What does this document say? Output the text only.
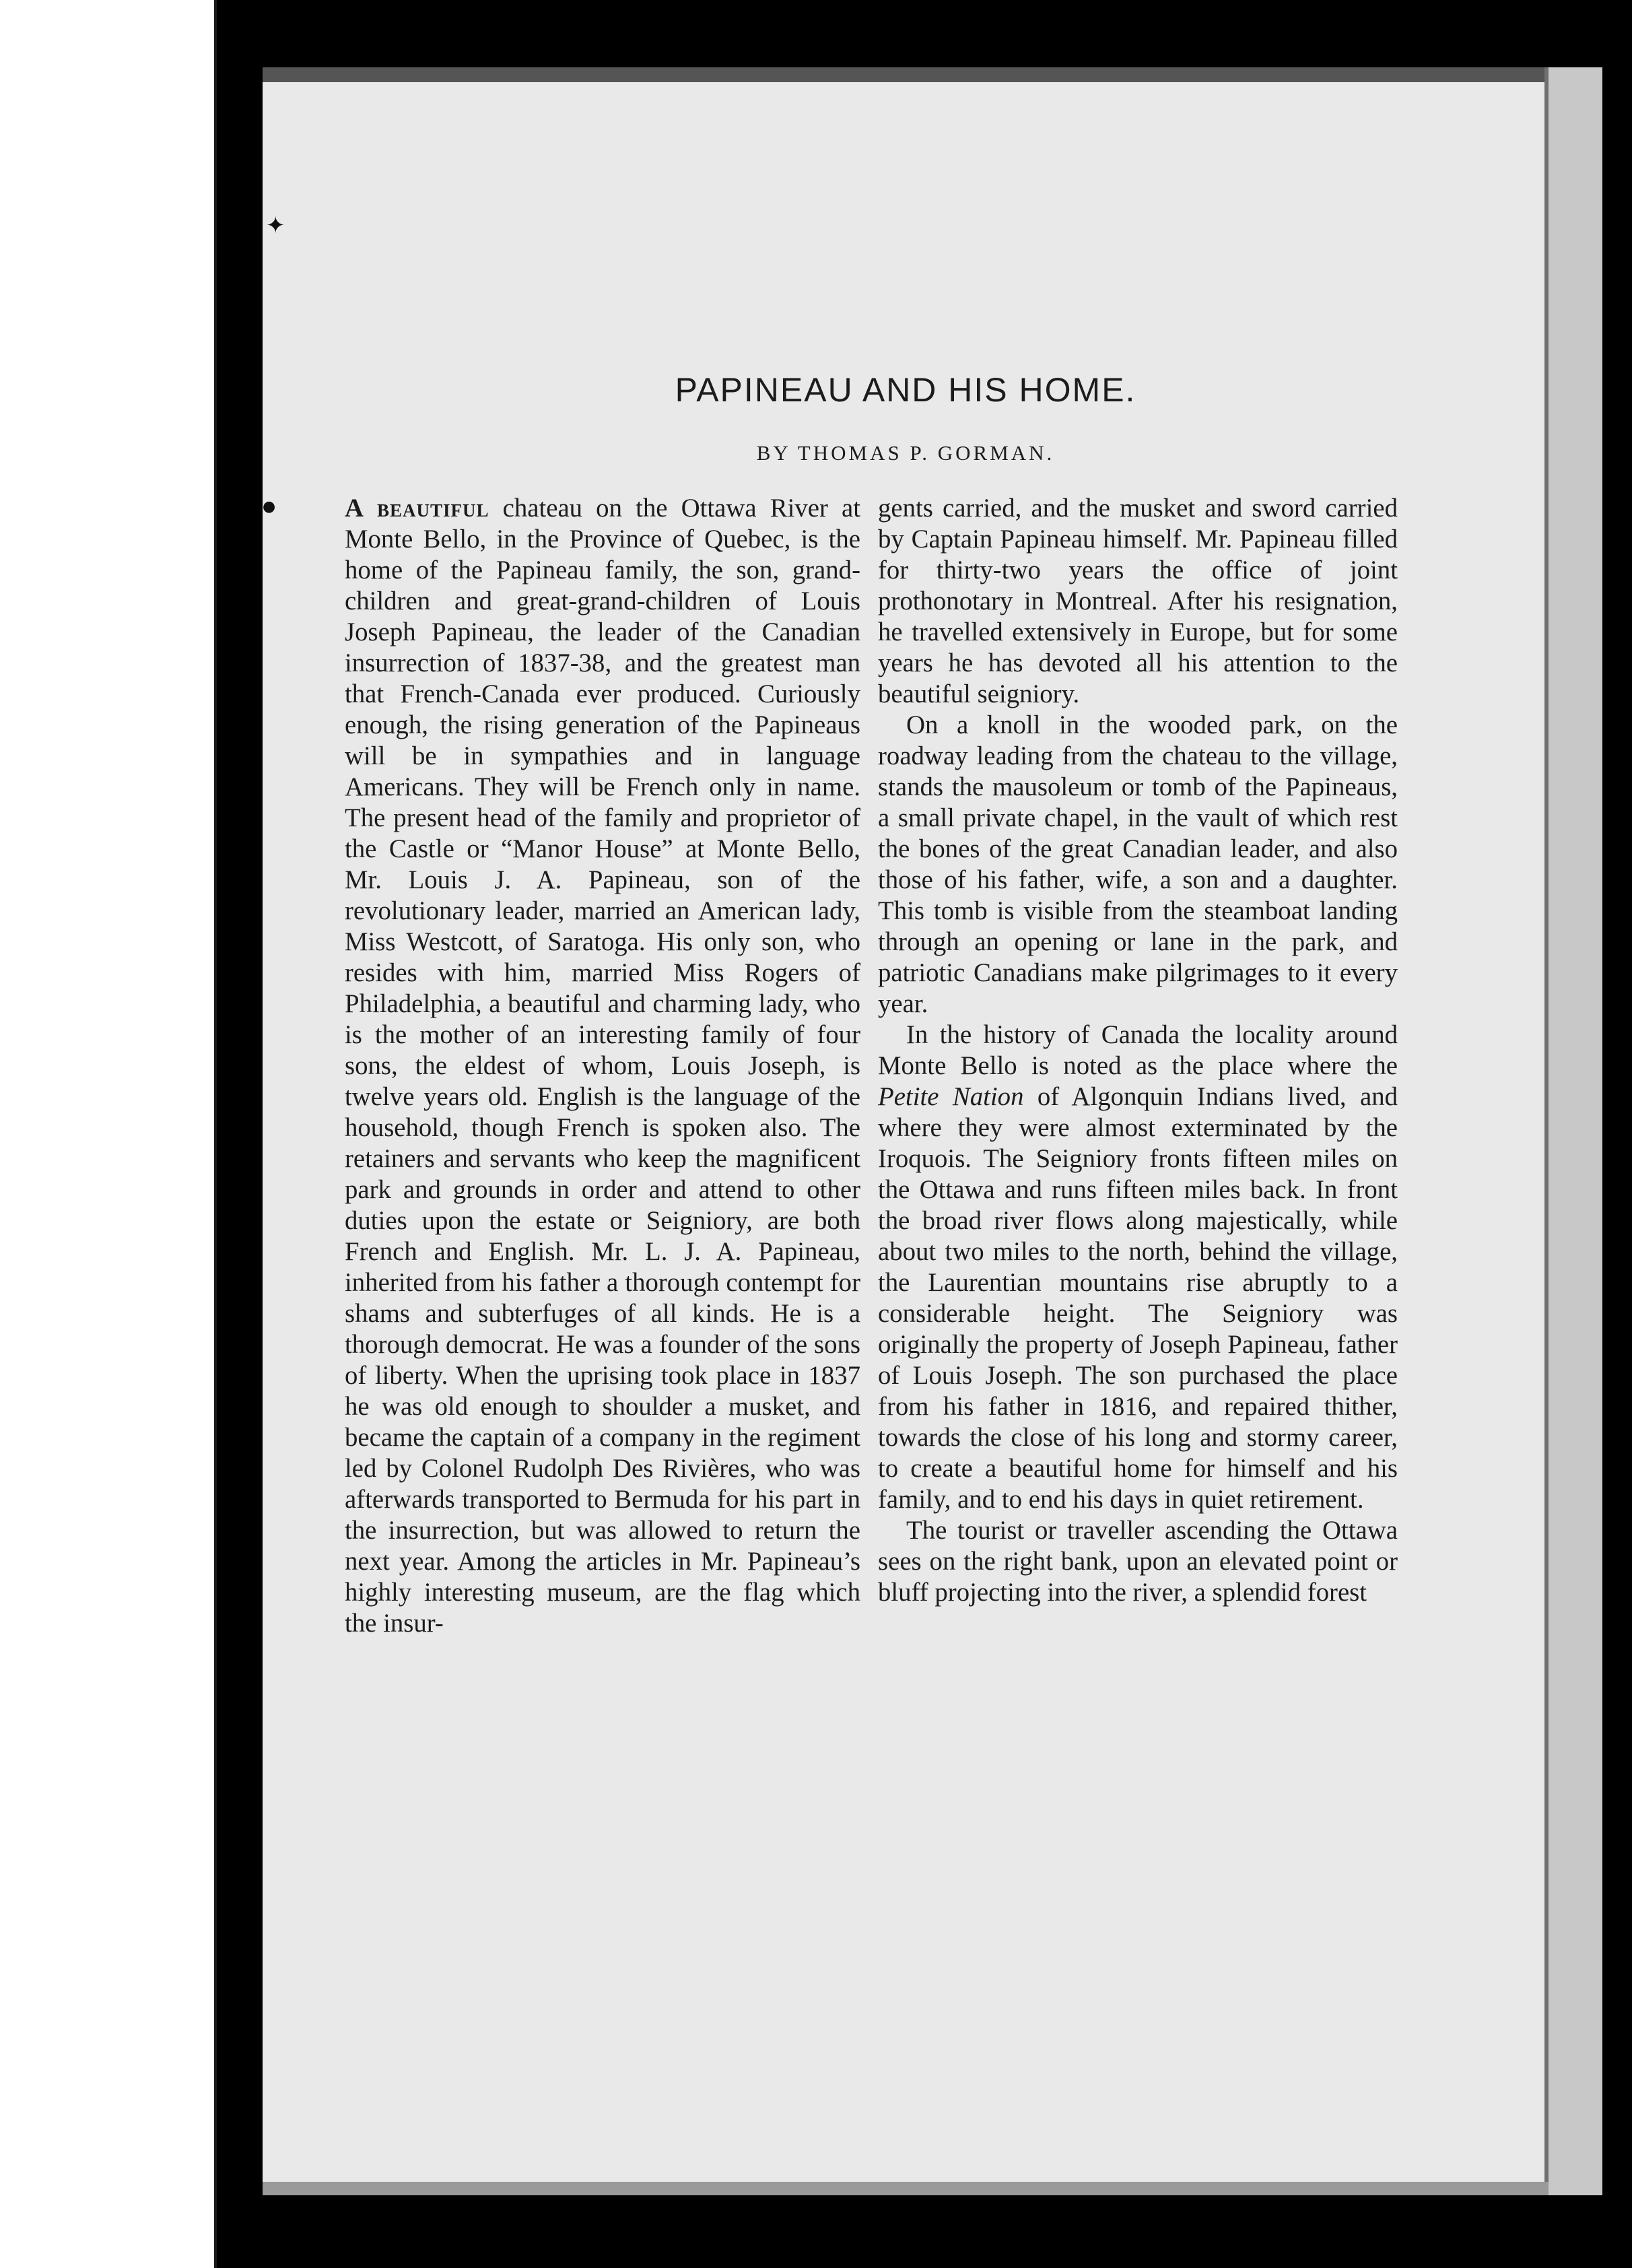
✦
●
PAPINEAU AND HIS HOME.

BY THOMAS P. GORMAN.

A beautiful chateau on the Ottawa River at Monte Bello, in the Province of Quebec, is the home of the Papineau family, the son, grand-children and great-grand-children of Louis Joseph Papineau, the leader of the Canadian insurrection of 1837-38, and the greatest man that French-Canada ever produced. Curiously enough, the rising generation of the Papineaus will be in sympathies and in language Americans. They will be French only in name. The present head of the family and proprietor of the Castle or “Manor House” at Monte Bello, Mr. Louis J. A. Papineau, son of the revolutionary leader, married an American lady, Miss Westcott, of Saratoga. His only son, who resides with him, married Miss Rogers of Philadelphia, a beautiful and charming lady, who is the mother of an interesting family of four sons, the eldest of whom, Louis Joseph, is twelve years old. English is the language of the household, though French is spoken also. The retainers and servants who keep the magnificent park and grounds in order and attend to other duties upon the estate or Seigniory, are both French and English. Mr. L. J. A. Papineau, inherited from his father a thorough contempt for shams and subterfuges of all kinds. He is a thorough democrat. He was a founder of the sons of liberty. When the uprising took place in 1837 he was old enough to shoulder a musket, and became the captain of a company in the regiment led by Colonel Rudolph Des Rivières, who was afterwards transported to Bermuda for his part in the insurrection, but was allowed to return the next year. Among the articles in Mr. Papineau’s highly interesting museum, are the flag which the insur-

gents carried, and the musket and sword carried by Captain Papineau himself. Mr. Papineau filled for thirty-two years the office of joint prothonotary in Montreal. After his resignation, he travelled extensively in Europe, but for some years he has devoted all his attention to the beautiful seigniory.

On a knoll in the wooded park, on the roadway leading from the chateau to the village, stands the mausoleum or tomb of the Papineaus, a small private chapel, in the vault of which rest the bones of the great Canadian leader, and also those of his father, wife, a son and a daughter. This tomb is visible from the steamboat landing through an opening or lane in the park, and patriotic Canadians make pilgrimages to it every year.

In the history of Canada the locality around Monte Bello is noted as the place where the Petite Nation of Algonquin Indians lived, and where they were almost exterminated by the Iroquois. The Seigniory fronts fifteen miles on the Ottawa and runs fifteen miles back. In front the broad river flows along majestically, while about two miles to the north, behind the village, the Laurentian mountains rise abruptly to a considerable height. The Seigniory was originally the property of Joseph Papineau, father of Louis Joseph. The son purchased the place from his father in 1816, and repaired thither, towards the close of his long and stormy career, to create a beautiful home for himself and his family, and to end his days in quiet retirement.

The tourist or traveller ascending the Ottawa sees on the right bank, upon an elevated point or bluff projecting into the river, a splendid forest
